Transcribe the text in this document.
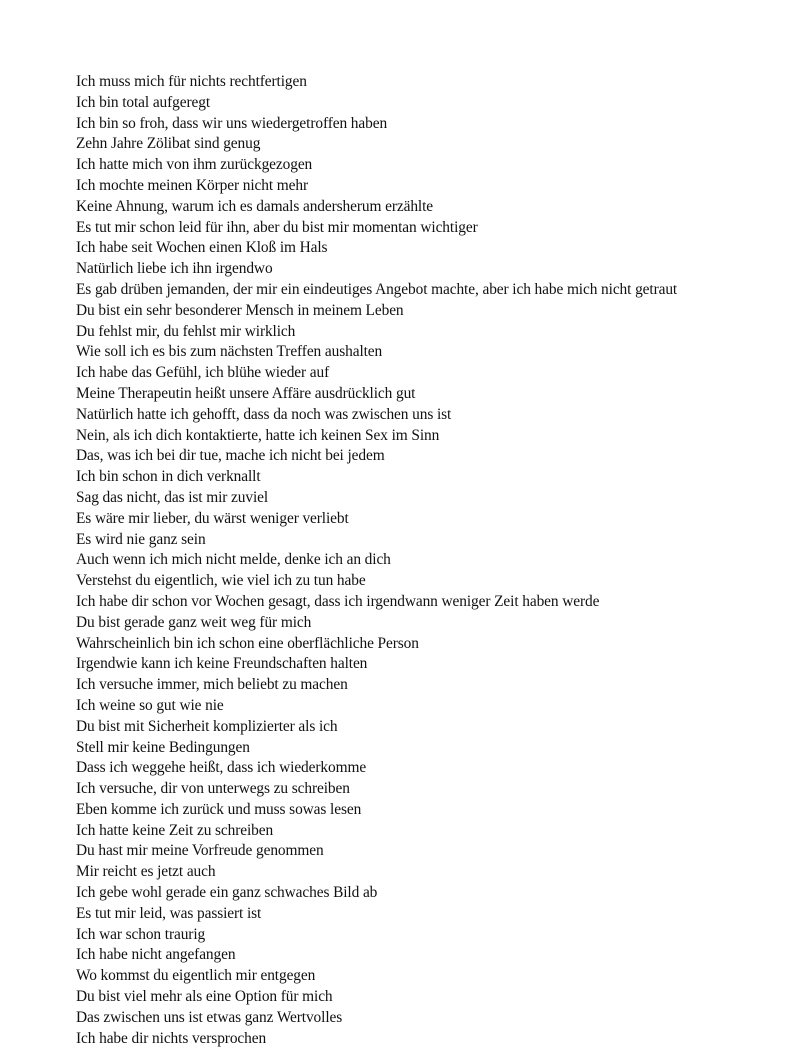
Ich muss mich für nichts rechtfertigen
Ich bin total aufgeregt
Ich bin so froh, dass wir uns wiedergetroffen haben
Zehn Jahre Zölibat sind genug
Ich hatte mich von ihm zurückgezogen
Ich mochte meinen Körper nicht mehr
Keine Ahnung, warum ich es damals andersherum erzählte
Es tut mir schon leid für ihn, aber du bist mir momentan wichtiger
Ich habe seit Wochen einen Kloß im Hals
Natürlich liebe ich ihn irgendwo
Es gab drüben jemanden, der mir ein eindeutiges Angebot machte, aber ich habe mich nicht getraut
Du bist ein sehr besonderer Mensch in meinem Leben
Du fehlst mir, du fehlst mir wirklich
Wie soll ich es bis zum nächsten Treffen aushalten
Ich habe das Gefühl, ich blühe wieder auf
Meine Therapeutin heißt unsere Affäre ausdrücklich gut
Natürlich hatte ich gehofft, dass da noch was zwischen uns ist
Nein, als ich dich kontaktierte, hatte ich keinen Sex im Sinn
Das, was ich bei dir tue, mache ich nicht bei jedem
Ich bin schon in dich verknallt
Sag das nicht, das ist mir zuviel
Es wäre mir lieber, du wärst weniger verliebt
Es wird nie ganz sein
Auch wenn ich mich nicht melde, denke ich an dich
Verstehst du eigentlich, wie viel ich zu tun habe
Ich habe dir schon vor Wochen gesagt, dass ich irgendwann weniger Zeit haben werde
Du bist gerade ganz weit weg für mich
Wahrscheinlich bin ich schon eine oberflächliche Person
Irgendwie kann ich keine Freundschaften halten
Ich versuche immer, mich beliebt zu machen
Ich weine so gut wie nie
Du bist mit Sicherheit komplizierter als ich
Stell mir keine Bedingungen
Dass ich weggehe heißt, dass ich wiederkomme
Ich versuche, dir von unterwegs zu schreiben
Eben komme ich zurück und muss sowas lesen
Ich hatte keine Zeit zu schreiben
Du hast mir meine Vorfreude genommen
Mir reicht es jetzt auch
Ich gebe wohl gerade ein ganz schwaches Bild ab
Es tut mir leid, was passiert ist
Ich war schon traurig
Ich habe nicht angefangen
Wo kommst du eigentlich mir entgegen
Du bist viel mehr als eine Option für mich
Das zwischen uns ist etwas ganz Wertvolles
Ich habe dir nichts versprochen
